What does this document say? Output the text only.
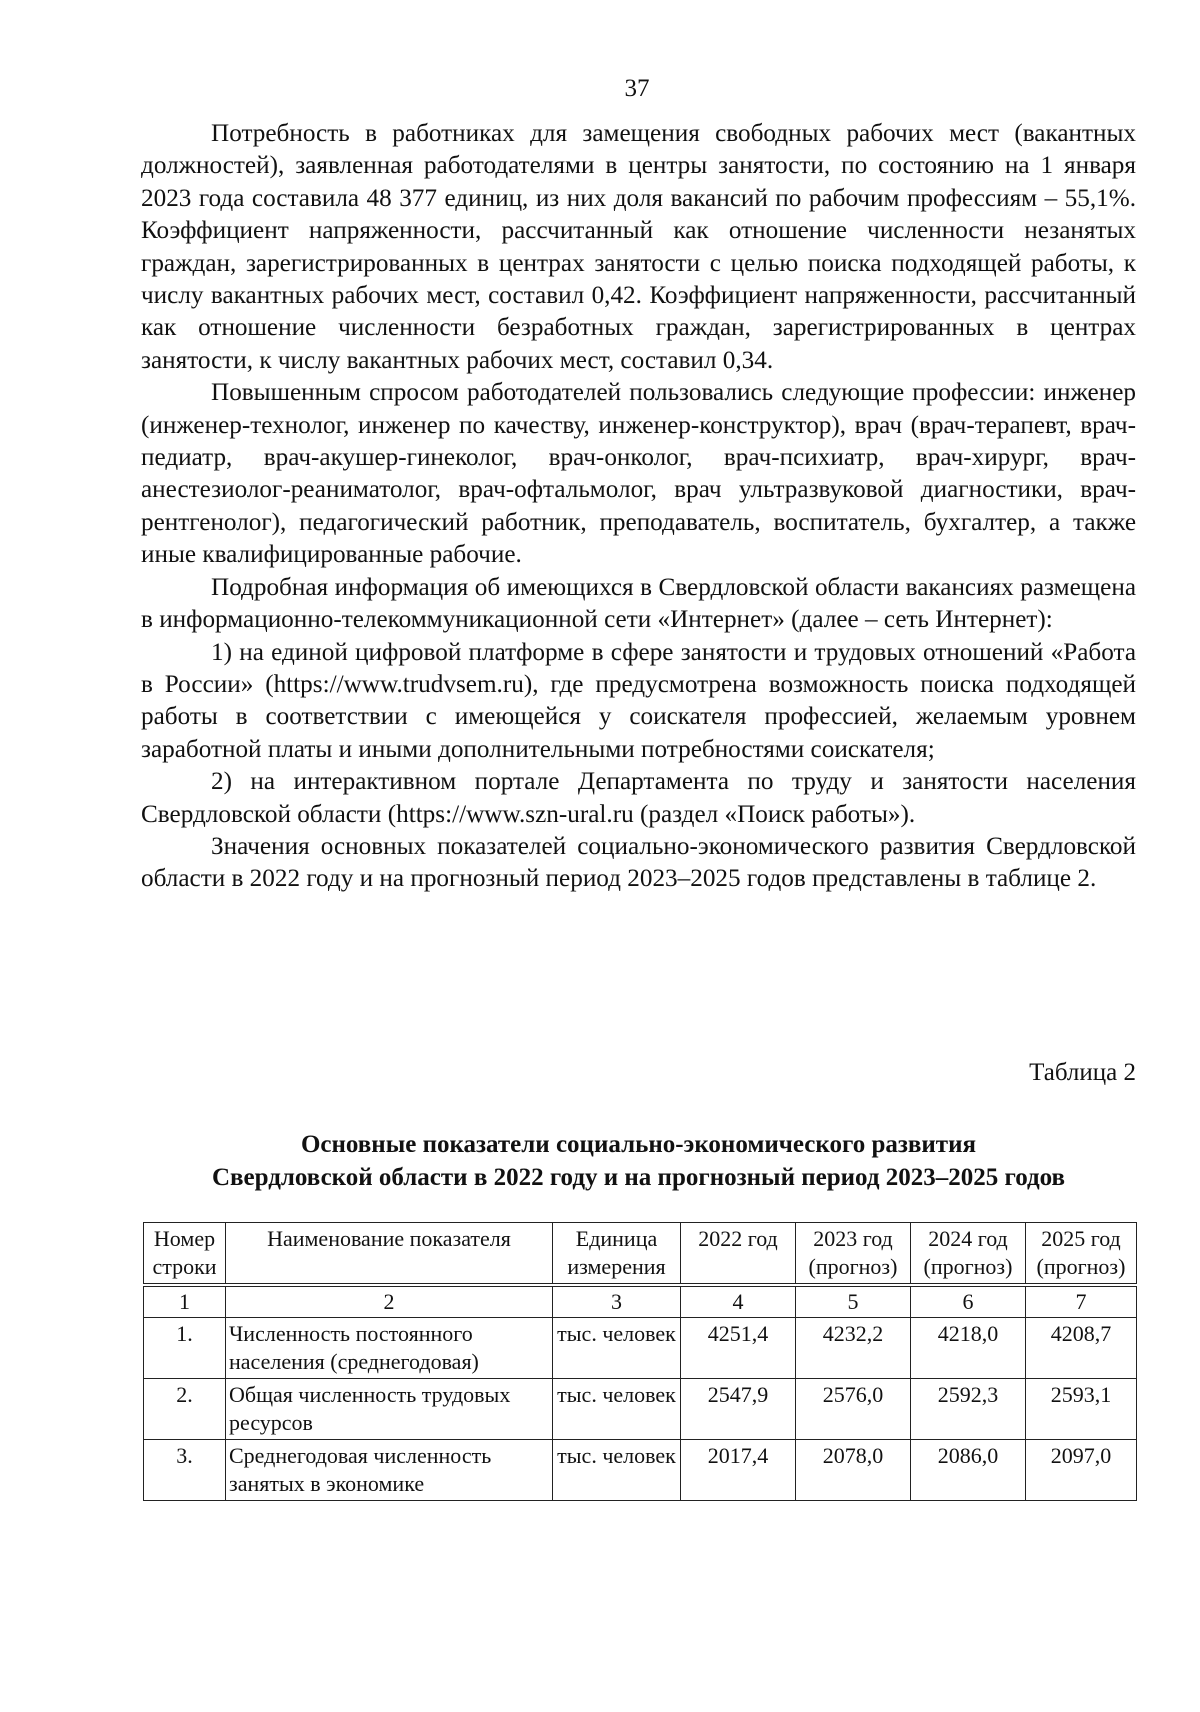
37

Потребность в работниках для замещения свободных рабочих мест (вакантных должностей), заявленная работодателями в центры занятости, по состоянию на 1 января 2023 года составила 48 377 единиц, из них доля вакансий по рабочим профессиям – 55,1%. Коэффициент напряженности, рассчитанный как отношение численности незанятых граждан, зарегистрированных в центрах занятости с целью поиска подходящей работы, к числу вакантных рабочих мест, составил 0,42. Коэффициент напряженности, рассчитанный как отношение численности безработных граждан, зарегистрированных в центрах занятости, к числу вакантных рабочих мест, составил 0,34.

Повышенным спросом работодателей пользовались следующие профессии: инженер (инженер-технолог, инженер по качеству, инженер-конструктор), врач (врач-терапевт, врач-педиатр, врач-акушер-гинеколог, врач-онколог, врач-психиатр, врач-хирург, врач-анестезиолог-реаниматолог, врач-офтальмолог, врач ультразвуковой диагностики, врач-рентгенолог), педагогический работник, преподаватель, воспитатель, бухгалтер, а также иные квалифицированные рабочие.

Подробная информация об имеющихся в Свердловской области вакансиях размещена в информационно-телекоммуникационной сети «Интернет» (далее – сеть Интернет):

1) на единой цифровой платформе в сфере занятости и трудовых отношений «Работа в России» (https://www.trudvsem.ru), где предусмотрена возможность поиска подходящей работы в соответствии с имеющейся у соискателя профессией, желаемым уровнем заработной платы и иными дополнительными потребностями соискателя;

2) на интерактивном портале Департамента по труду и занятости населения Свердловской области (https://www.szn-ural.ru (раздел «Поиск работы»).

Значения основных показателей социально-экономического развития Свердловской области в 2022 году и на прогнозный период 2023–2025 годов представлены в таблице 2.

Таблица 2
Основные показатели социально-экономического развития
Свердловской области в 2022 году и на прогнозный период 2023–2025 годов
Номер строки	Наименование показателя	Единица измерения	2022 год	2023 год (прогноз)	2024 год (прогноз)	2025 год (прогноз)
1	2	3	4	5	6	7
1.	Численность постоянного населения (среднегодовая)	тыс. человек	4251,4	4232,2	4218,0	4208,7
2.	Общая численность трудовых ресурсов	тыс. человек	2547,9	2576,0	2592,3	2593,1
3.	Среднегодовая численность занятых в экономике	тыс. человек	2017,4	2078,0	2086,0	2097,0
